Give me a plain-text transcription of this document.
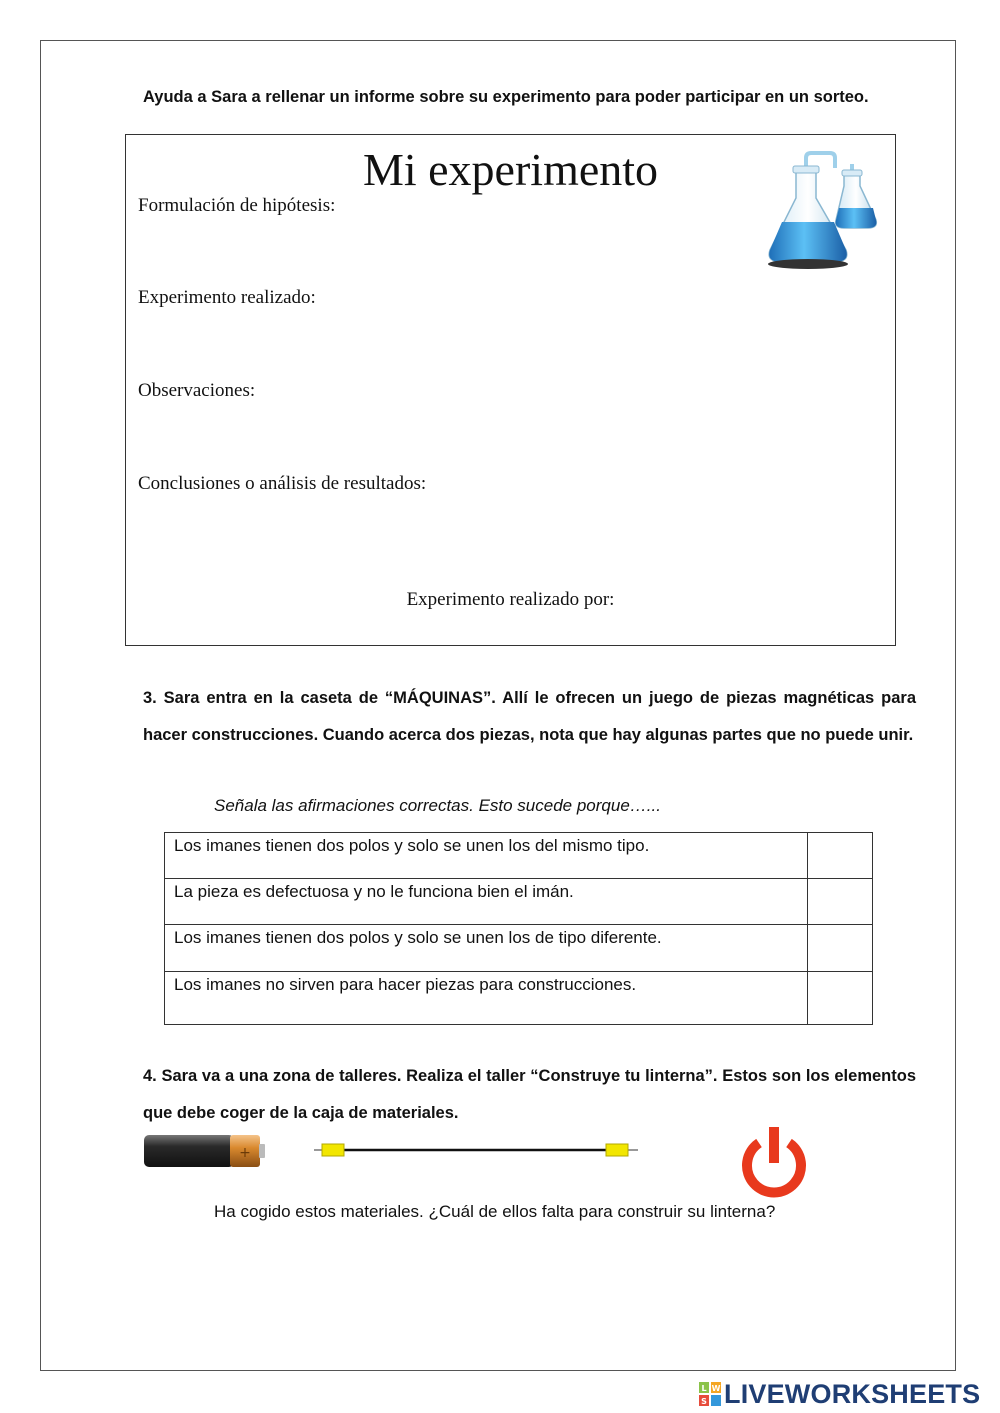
Ayuda a Sara a rellenar un informe sobre su experimento para poder participar en un sorteo.
Mi experimento
Formulación de hipótesis:
Experimento realizado:
Observaciones:
Conclusiones o análisis de resultados:
Experimento realizado por:
3. Sara entra en la caseta de “MÁQUINAS”. Allí le ofrecen un juego de piezas magnéticas para hacer construcciones. Cuando acerca dos piezas, nota que hay algunas partes que no puede unir.
Señala las afirmaciones correctas. Esto sucede porque…...
Los imanes tienen dos polos y solo se unen los del mismo tipo.	
La pieza es defectuosa y no le funciona bien el imán.	
Los imanes tienen dos polos y solo se unen los de tipo diferente.	
Los imanes no sirven para hacer piezas para construcciones.	
4. Sara va a una zona de talleres. Realiza el taller “Construye tu linterna”. Estos son los elementos que debe coger de la caja de materiales.
+
Ha cogido estos materiales. ¿Cuál de ellos falta para construir su linterna?
L W
S LIVEWORKSHEETS
